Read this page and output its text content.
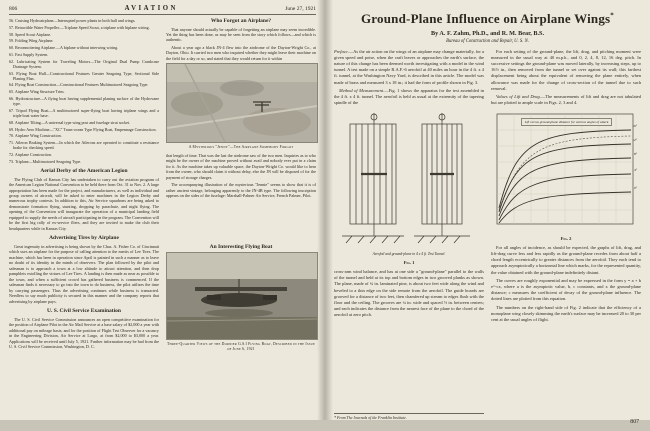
806	AVIATION	June 27, 1921

56. Cruising Hydroairplane—Interrupted power plants in both hull and wings.

57. Retractible Water Propeller.—Triplane Speed Scout, a triplane with biplane wiring.

58. Speed Scout Airplane.

59. Folding Wing Airplane.

60. Reconnoitering Airplane.—A biplane without interwing wiring.

61. Fast Supply System.

62. Lubricating System for Traveling Motors—The Original Dual Pump Crankcase Drainage System.

63. Flying Boat Hull—Constructional Features Greater Seagoing Type, Sectional Side Planing Flan.

64. Flying Boat Construction—Constructional Features Multimotored Seagoing Type.

65. Airplane Wing Structure Trim.

66. Hydrostructure—A flying boat having supplemental planing surface of the Hydrovane type.

67. Tripod Flying Boat—A multimotored super-flying boat having triplane wings and a triple boat water base.

68. Airplane Tilting—A universal type wing post and fuselage strut socket.

69. Hydro Aero Machine—"XC" Trans-ocean Type Flying Boat, Empennage Construction.

70. Airplane Wing Construction.

71. Aileron Braking System—In which the Ailerons are operated to constitute a resistance brake for checking speed.

72. Airplane Construction.

73. Triplane—Multimotored Seagoing Type.

Aerial Derby of the American Legion

The Flying Club of Kansas City has undertaken to carry out the aviation program of the American Legion National Convention to be held there from Oct. 31 to Nov. 2. A large appropriation has been made for the project, and manufacturers, as well as individual and group owners of aircraft, will be asked to enter machines in the Legion Derby and numerous trophy contests. In addition to this, Air Service squadrons are being asked to demonstrate formation flying, stunting, dropping by parachute, and night flying. The opening of the Convention will inaugurate the operation of a municipal landing field equipped to supply the needs of aircraft participating in the program. The Convention will be the first big rally of ex-service fliers, and they are invited to make the club their headquarters while in Kansas City.

Advertising Tires by Airplane

Great ingenuity in advertising is being shown by the Chas. A. Fisher Co. of Cincinnati which uses an airplane for the purpose of calling attention to the merits of Lee Tires. The machine, which has been in operation since April is painted in such a manner as to leave no doubt of its identity in the minds of observers. The plan followed by the pilot and salesman is to approach a town at a low altitude to attract attention, and then drop pamphlets extolling the virtues of Lee Tires. A landing is then made as near as possible to the town, and when a sufficient crowd has gathered business is commenced. If the salesman finds it necessary to go into the town to do business, the pilot utilizes the time by carrying passengers. Thus the advertising continues while business is transacted. Needless to say much publicity is secured in this manner and the company reports that advertising by airplane pays.

U. S. Civil Service Examination

The U. S. Civil Service Commission announces an open competitive examination for the position of Airplane Pilot in the Air Mail Service at a base salary of $2,000 a year with additional pay on mileage basis; and for the position of Flight Test Observer for a vacancy in the Engineering Division, Air Service at Largo, at from $2,000 to $3,000 a year. Applications will be received until July 5, 1921. Further information may be had from the U. S. Civil Service Commission, Washington, D. C.

Who Forgot an Airplane?

That anyone should actually be capable of forgetting an airplane may seem incredible. Yet the thing has been done, as may be seen from the story which follows—and which is authentic.

About a year ago a black JN-4 flew into the airdrome of the Dayton-Wright Co., at Dayton, Ohio. It carried two men who inquired whether they might leave their machine on the field for a day or so, and stated that they would return for it within

A Mysterious "Jenny"—The Airplane Somebody Forgot

that length of time. That was the last the airdrome saw of the two men. Inquiries as to who might be the owner of the machine proved without avail and nobody ever put in a claim for it. As the machine takes up valuable space, the Dayton-Wright Co. would like to hear from the owner, who should claim it without delay, else the JN will be disposed of for the payment of storage charges.

The accompanying illustration of the mysterious "Jennie" seems to show that it is of rather ancient vintage, belonging apparently to the JN-4B type. The following inscription appears on the sides of the fuselage: Marshall-Palmer Air Service, French Palmer, Pilot.

An Interesting Flying Boat

Three-Quarter Views of the Dornier G.S.I Flying Boat, Described in the Issue of June 6, 1921

Ground-Plane Influence on Airplane Wings*

By A. F. Zahm, Ph.D., and R. M. Bear, B.S.

Bureau of Construction and Repair, U. S. N.

Preface.—As the air action on the wings of an airplane may change materially, for a given speed and poise, when the craft leaves or approaches the earth's surface, the nature of this change has been deemed worth investigating with a model in the wind tunnel. A test made on a simple R.A.F.-6 aerofoil at 40 miles an hour in the 4 ft. x 4 ft. tunnel, at the Washington Navy Yard, is described in this article. The model was made of brass and measured 3 x 18 in.; it had the form of profile shown in Fig. 3.

Method of Measurement.—Fig. 1 shows the apparatus for the test assembled in the 4 ft. x 4 ft. tunnel. The aerofoil is held as usual at the extremity of the tapering spindle of the

Aerofoil and ground-plane in 4 x 4 ft. Test Tunnel.

Fig. 1

cross-arm wind balance, and has at one side a "ground-plane" parallel to the walls of the tunnel and held at its top and bottom edges in two grooved planks as shown. The plane, made of ¾ in. laminated pine, is about two feet wide along the wind and beveled to a thin edge on the side remote from the aerofoil. The guide boards are grooved for a distance of two feet, then chamfered up stream to edges flush with the floor and the ceiling. The grooves are ¼ in. wide and spaced ½ in. between centers; and each indicates the distance from the nearest face of the plane to the chord of the aerofoil at zero pitch.

For each setting of the ground-plane, the lift, drag, and pitching moment were measured in the usual way at 40 m.p.h., and 0, 2, 4, 8, 12, 16 deg. pitch. In successive settings the ground-plane was moved laterally, by increasing steps, up to 16½ in., then removed from the tunnel or set over against its wall; this farthest displacement being about the equivalent of removing the plane entirely, when allowance was made for the change of cross-section of the tunnel due to such removal.

Values of Lift and Drag.—The measurements of lift and drag are not tabulated but are plotted to ample scale in Figs. 2, 3 and 4.

Lift versus ground-plane distance for various angles of attack
16°
12°
8°
4°
0°

Fig. 2

For all angles of incidence, as should be expected, the graphs of lift, drag, and lift-drag curve less and less rapidly as the ground-plane recedes from about half a chord length eccentrically to greater distances from the aerofoil. They each tend to approach asymptotically a horizontal line which marks, for the represented quantity, the value obtained with the ground-plane indefinitely distant.

The curves are roughly exponential and may be expressed in the form y = a + b e^-cx, where a is the asymptotic value, b, c constants, and x the ground-plane distance; c measures the coefficient of decay of the ground-plane influence. The dotted lines are plotted from this equation.

The numbers on the right-hand side of Fig. 2 indicate that the efficiency of a monoplane wing closely skimming the earth's surface may be increased 20 to 30 per cent at the usual angles of flight.

* From The Journals of the Franklin Institute.

807
